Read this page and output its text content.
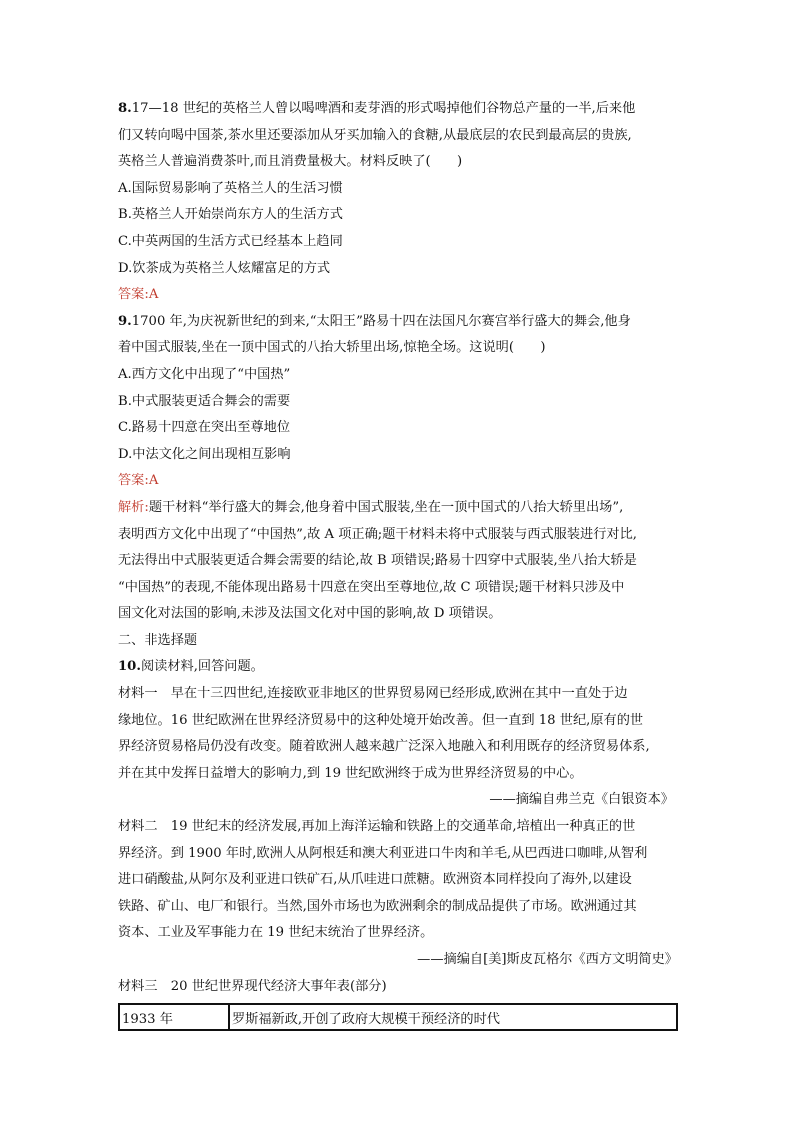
8.17—18 世纪的英格兰人曾以喝啤酒和麦芽酒的形式喝掉他们谷物总产量的一半,后来他
们又转向喝中国茶,茶水里还要添加从牙买加输入的食糖,从最底层的农民到最高层的贵族,
英格兰人普遍消费茶叶,而且消费量极大。材料反映了(　　)
A.国际贸易影响了英格兰人的生活习惯
B.英格兰人开始崇尚东方人的生活方式
C.中英两国的生活方式已经基本上趋同
D.饮茶成为英格兰人炫耀富足的方式
答案:A
9.1700 年,为庆祝新世纪的到来,“太阳王”路易十四在法国凡尔赛宫举行盛大的舞会,他身
着中国式服装,坐在一顶中国式的八抬大轿里出场,惊艳全场。这说明(　　)
A.西方文化中出现了“中国热”
B.中式服装更适合舞会的需要
C.路易十四意在突出至尊地位
D.中法文化之间出现相互影响
答案:A
解析:题干材料“举行盛大的舞会,他身着中国式服装,坐在一顶中国式的八抬大轿里出场”,
表明西方文化中出现了“中国热”,故 A 项正确;题干材料未将中式服装与西式服装进行对比,
无法得出中式服装更适合舞会需要的结论,故 B 项错误;路易十四穿中式服装,坐八抬大轿是
“中国热”的表现,不能体现出路易十四意在突出至尊地位,故 C 项错误;题干材料只涉及中
国文化对法国的影响,未涉及法国文化对中国的影响,故 D 项错误。
二、非选择题
10.阅读材料,回答问题。
材料一　早在十三四世纪,连接欧亚非地区的世界贸易网已经形成,欧洲在其中一直处于边
缘地位。16 世纪欧洲在世界经济贸易中的这种处境开始改善。但一直到 18 世纪,原有的世
界经济贸易格局仍没有改变。随着欧洲人越来越广泛深入地融入和利用既存的经济贸易体系,
并在其中发挥日益增大的影响力,到 19 世纪欧洲终于成为世界经济贸易的中心。
——摘编自弗兰克《白银资本》
材料二　19 世纪末的经济发展,再加上海洋运输和铁路上的交通革命,培植出一种真正的世
界经济。到 1900 年时,欧洲人从阿根廷和澳大利亚进口牛肉和羊毛,从巴西进口咖啡,从智利
进口硝酸盐,从阿尔及利亚进口铁矿石,从爪哇进口蔗糖。欧洲资本同样投向了海外,以建设
铁路、矿山、电厂和银行。当然,国外市场也为欧洲剩余的制成品提供了市场。欧洲通过其
资本、工业及军事能力在 19 世纪末统治了世界经济。
——摘编自[美]斯皮瓦格尔《西方文明简史》
材料三　20 世纪世界现代经济大事年表(部分)
1933 年	罗斯福新政,开创了政府大规模干预经济的时代
